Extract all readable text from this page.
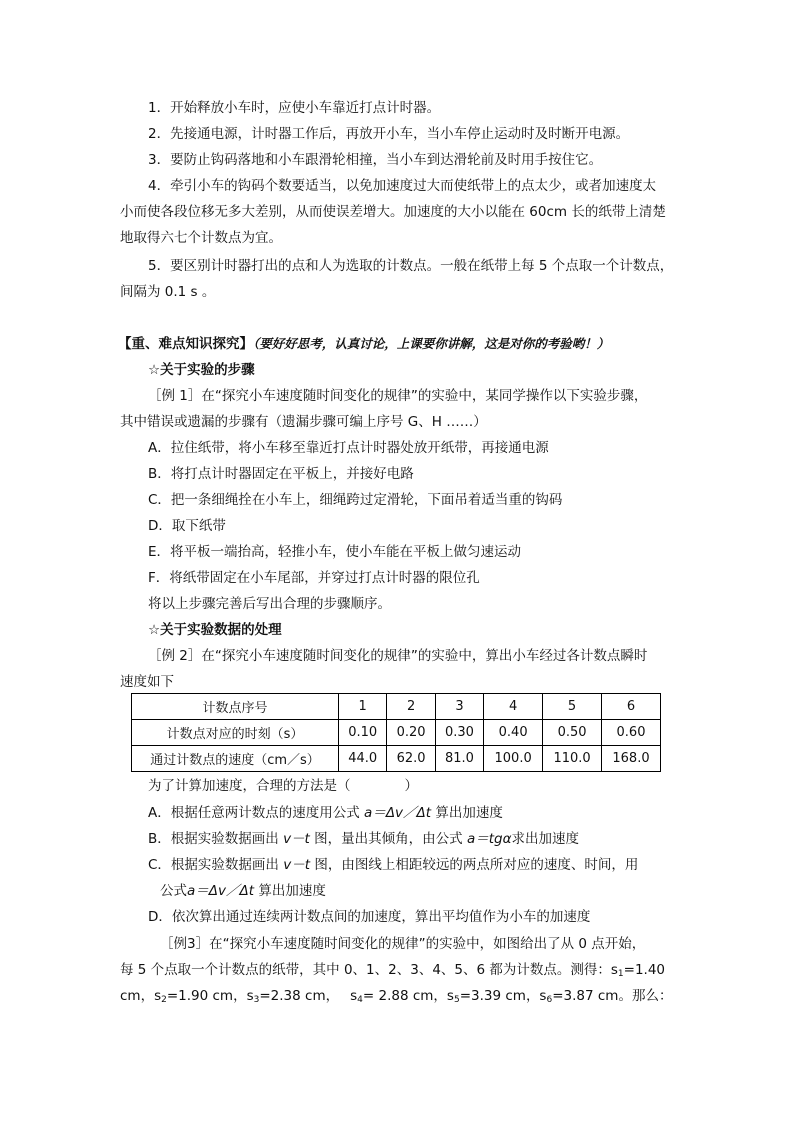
1．开始释放小车时，应使小车靠近打点计时器。
2．先接通电源，计时器工作后，再放开小车，当小车停止运动时及时断开电源。
3．要防止钩码落地和小车跟滑轮相撞，当小车到达滑轮前及时用手按住它。
4．牵引小车的钩码个数要适当，以免加速度过大而使纸带上的点太少，或者加速度太
小而使各段位移无多大差别，从而使误差增大。加速度的大小以能在 60cm 长的纸带上清楚
地取得六七个计数点为宜。
5．要区别计时器打出的点和人为选取的计数点。一般在纸带上每 5 个点取一个计数点，
间隔为 0.1 s 。
【重、难点知识探究】（要好好思考，认真讨论，上课要你讲解，这是对你的考验哟！）
☆关于实验的步骤
［例 1］在“探究小车速度随时间变化的规律”的实验中，某同学操作以下实验步骤，
其中错误或遗漏的步骤有（遗漏步骤可编上序号 G、H ……）
A．拉住纸带，将小车移至靠近打点计时器处放开纸带，再接通电源
B．将打点计时器固定在平板上，并接好电路
C．把一条细绳拴在小车上，细绳跨过定滑轮，下面吊着适当重的钩码
D．取下纸带
E．将平板一端抬高，轻推小车，使小车能在平板上做匀速运动
F．将纸带固定在小车尾部，并穿过打点计时器的限位孔
将以上步骤完善后写出合理的步骤顺序。
☆关于实验数据的处理
［例 2］在“探究小车速度随时间变化的规律”的实验中，算出小车经过各计数点瞬时
速度如下
计数点序号	1	2	3	4	5	6
计数点对应的时刻（s）	0.10	0.20	0.30	0.40	0.50	0.60
通过计数点的速度（cm／s）	44.0	62.0	81.0	100.0	110.0	168.0
为了计算加速度，合理的方法是（　　　　）
A．根据任意两计数点的速度用公式 a＝Δv／Δt 算出加速度
B．根据实验数据画出 v－t 图，量出其倾角，由公式 a＝tgα求出加速度
C．根据实验数据画出 v－t 图，由图线上相距较远的两点所对应的速度、时间，用
公式a＝Δv／Δt 算出加速度
D．依次算出通过连续两计数点间的加速度，算出平均值作为小车的加速度
［例3］在“探究小车速度随时间变化的规律”的实验中，如图给出了从 0 点开始，
每 5 个点取一个计数点的纸带，其中 0、1、2、3、4、5、6 都为计数点。测得：$s_1=1.40$
cm，$s_2=1.90$ cm，$s_3=2.38$ cm，　 $s_4= 2.88$ cm，$s_5=3.39$ cm，$s_6=3.87$ cm。那么：
